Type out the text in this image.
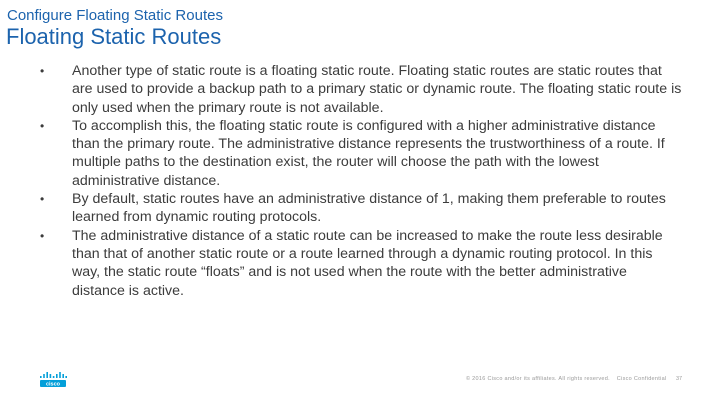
Configure Floating Static Routes
Floating Static Routes
• Another type of static route is a floating static route. Floating static routes are static routes that are used to provide a backup path to a primary static or dynamic route. The floating static route is only used when the primary route is not available.
• To accomplish this, the floating static route is configured with a higher administrative distance than the primary route. The administrative distance represents the trustworthiness of a route. If multiple paths to the destination exist, the router will choose the path with the lowest administrative distance.
• By default, static routes have an administrative distance of 1, making them preferable to routes learned from dynamic routing protocols.
• The administrative distance of a static route can be increased to make the route less desirable than that of another static route or a route learned through a dynamic routing protocol. In this way, the static route “floats” and is not used when the route with the better administrative distance is active.
cisco
© 2016 Cisco and/or its affiliates. All rights reserved. Cisco Confidential	37
